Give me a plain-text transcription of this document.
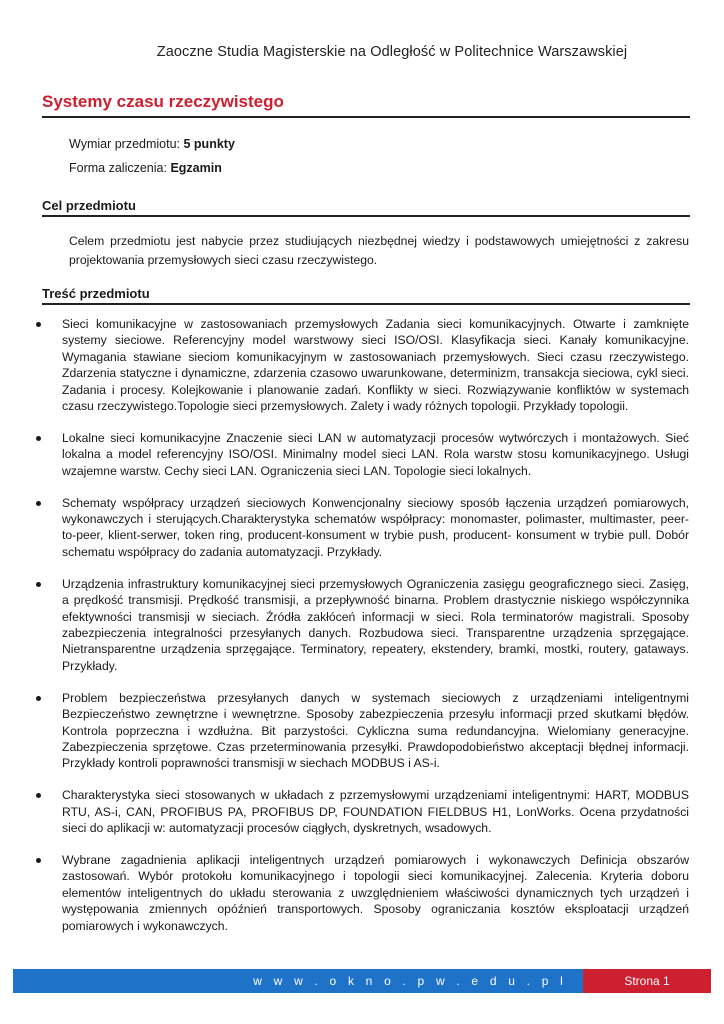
Zaoczne Studia Magisterskie na Odległość w Politechnice Warszawskiej
Systemy czasu rzeczywistego
Wymiar przedmiotu: 5 punkty
Forma zaliczenia: Egzamin
Cel przedmiotu
Celem przedmiotu jest nabycie przez studiujących niezbędnej wiedzy i podstawowych umiejętności z zakresu projektowania przemysłowych sieci czasu rzeczywistego.
Treść przedmiotu
Sieci komunikacyjne w zastosowaniach przemysłowych Zadania sieci komunikacyjnych. Otwarte i zamknięte systemy sieciowe. Referencyjny model warstwowy sieci ISO/OSI. Klasyfikacja sieci. Kanały komunikacyjne. Wymagania stawiane sieciom komunikacyjnym w zastosowaniach przemysłowych. Sieci czasu rzeczywistego. Zdarzenia statyczne i dynamiczne, zdarzenia czasowo uwarunkowane, determinizm, transakcja sieciowa, cykl sieci. Zadania i procesy. Kolejkowanie i planowanie zadań. Konflikty w sieci. Rozwiązywanie konfliktów w systemach czasu rzeczywistego.Topologie sieci przemysłowych. Zalety i wady różnych topologii. Przykłady topologii.
Lokalne sieci komunikacyjne Znaczenie sieci LAN w automatyzacji procesów wytwórczych i montażowych. Sieć lokalna a model referencyjny ISO/OSI. Minimalny model sieci LAN. Rola warstw stosu komunikacyjnego. Usługi wzajemne warstw. Cechy sieci LAN. Ograniczenia sieci LAN. Topologie sieci lokalnych.
Schematy współpracy urządzeń sieciowych Konwencjonalny sieciowy sposób łączenia urządzeń pomiarowych, wykonawczych i sterujących.Charakterystyka schematów współpracy: monomaster, polimaster, multimaster, peer-to-peer, klient-serwer, token ring, producent-konsument w trybie push, producent- konsument w trybie pull. Dobór schematu współpracy do zadania automatyzacji. Przykłady.
Urządzenia infrastruktury komunikacyjnej sieci przemysłowych Ograniczenia zasięgu geograficznego sieci. Zasięg, a prędkość transmisji. Prędkość transmisji, a przepływność binarna. Problem drastycznie niskiego współczynnika efektywności transmisji w sieciach. Źródła zakłóceń informacji w sieci. Rola terminatorów magistrali. Sposoby zabezpieczenia integralności przesyłanych danych. Rozbudowa sieci. Transparentne urządzenia sprzęgające. Nietransparentne urządzenia sprzęgające. Terminatory, repeatery, ekstendery, bramki, mostki, routery, gataways. Przykłady.
Problem bezpieczeństwa przesyłanych danych w systemach sieciowych z urządzeniami inteligentnymi Bezpieczeństwo zewnętrzne i wewnętrzne. Sposoby zabezpieczenia przesyłu informacji przed skutkami błędów. Kontrola poprzeczna i wzdłużna. Bit parzystości. Cykliczna suma redundancyjna. Wielomiany generacyjne. Zabezpieczenia sprzętowe. Czas przeterminowania przesyłki. Prawdopodobieństwo akceptacji błędnej informacji. Przykłady kontroli poprawności transmisji w siechach MODBUS i AS-i.
Charakterystyka sieci stosowanych w układach z pzrzemysłowymi urządzeniami inteligentnymi: HART, MODBUS RTU, AS-i, CAN, PROFIBUS PA, PROFIBUS DP, FOUNDATION FIELDBUS H1, LonWorks. Ocena przydatności sieci do aplikacji w: automatyzacji procesów ciągłych, dyskretnych, wsadowych.
Wybrane zagadnienia aplikacji inteligentnych urządzeń pomiarowych i wykonawczych Definicja obszarów zastosowań. Wybór protokołu komunikacyjnego i topologii sieci komunikacyjnej. Zalecenia. Kryteria doboru elementów inteligentnych do układu sterowania z uwzględnieniem właściwości dynamicznych tych urządzeń i występowania zmiennych opóźnień transportowych. Sposoby ograniczania kosztów eksploatacji urządzeń pomiarowych i wykonawczych.
w w w . o k n o . p w . e d u . p l	Strona 1
